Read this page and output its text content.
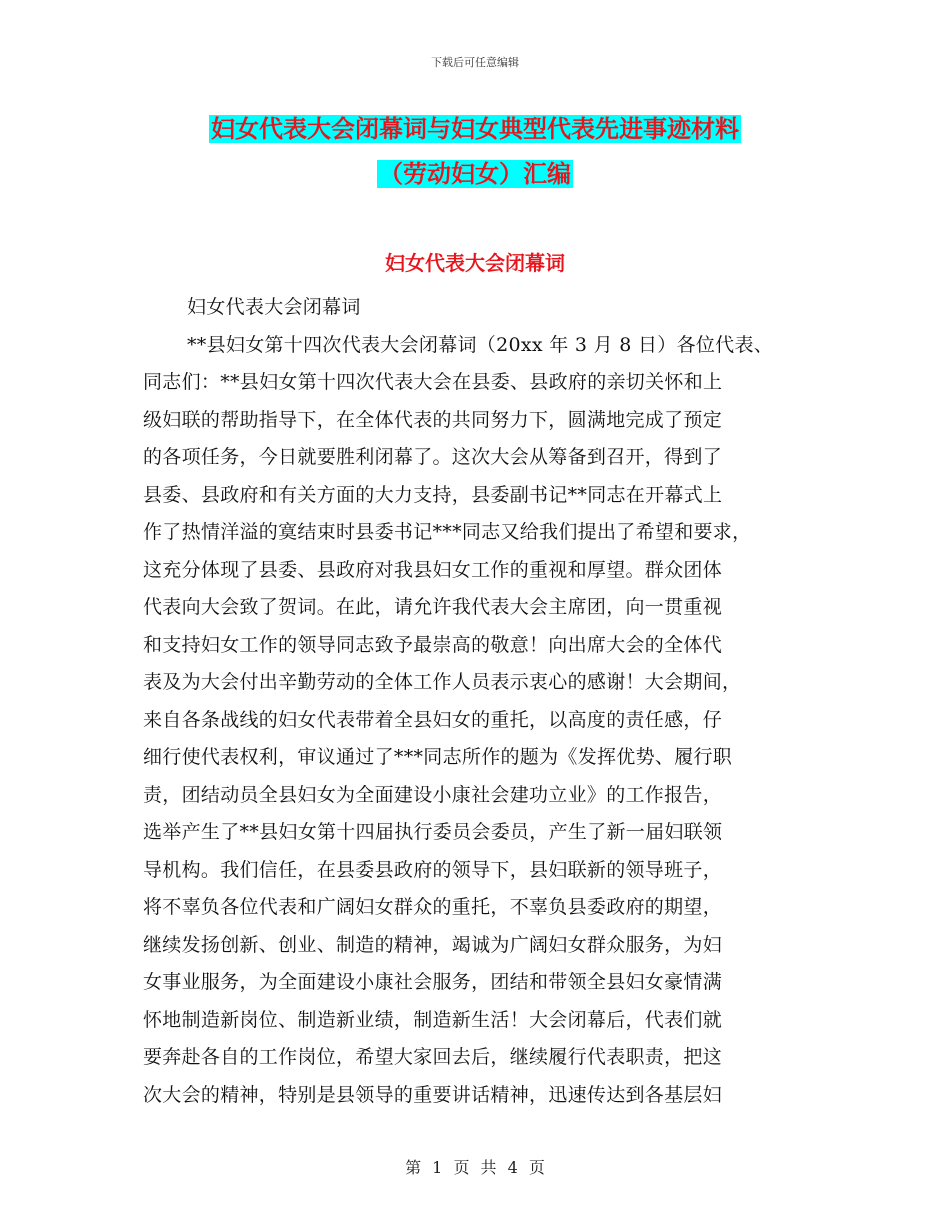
下载后可任意编辑
妇女代表大会闭幕词与妇女典型代表先进事迹材料
（劳动妇女）汇编
妇女代表大会闭幕词
妇女代表大会闭幕词
**县妇女第十四次代表大会闭幕词（20xx 年 3 月 8 日）各位代表、
同志们：**县妇女第十四次代表大会在县委、县政府的亲切关怀和上
级妇联的帮助指导下，在全体代表的共同努力下，圆满地完成了预定
的各项任务，今日就要胜利闭幕了。这次大会从筹备到召开，得到了
县委、县政府和有关方面的大力支持，县委副书记**同志在开幕式上
作了热情洋溢的寞结束时县委书记***同志又给我们提出了希望和要求，
这充分体现了县委、县政府对我县妇女工作的重视和厚望。群众团体
代表向大会致了贺词。在此，请允许我代表大会主席团，向一贯重视
和支持妇女工作的领导同志致予最崇高的敬意！向出席大会的全体代
表及为大会付出辛勤劳动的全体工作人员表示衷心的感谢！大会期间，
来自各条战线的妇女代表带着全县妇女的重托，以高度的责任感，仔
细行使代表权利，审议通过了***同志所作的题为《发挥优势、履行职
责，团结动员全县妇女为全面建设小康社会建功立业》的工作报告，
选举产生了**县妇女第十四届执行委员会委员，产生了新一届妇联领
导机构。我们信任，在县委县政府的领导下，县妇联新的领导班子，
将不辜负各位代表和广阔妇女群众的重托，不辜负县委政府的期望，
继续发扬创新、创业、制造的精神，竭诚为广阔妇女群众服务，为妇
女事业服务，为全面建设小康社会服务，团结和带领全县妇女豪情满
怀地制造新岗位、制造新业绩，制造新生活！大会闭幕后，代表们就
要奔赴各自的工作岗位，希望大家回去后，继续履行代表职责，把这
次大会的精神，特别是县领导的重要讲话精神，迅速传达到各基层妇
第 1 页 共 4 页
